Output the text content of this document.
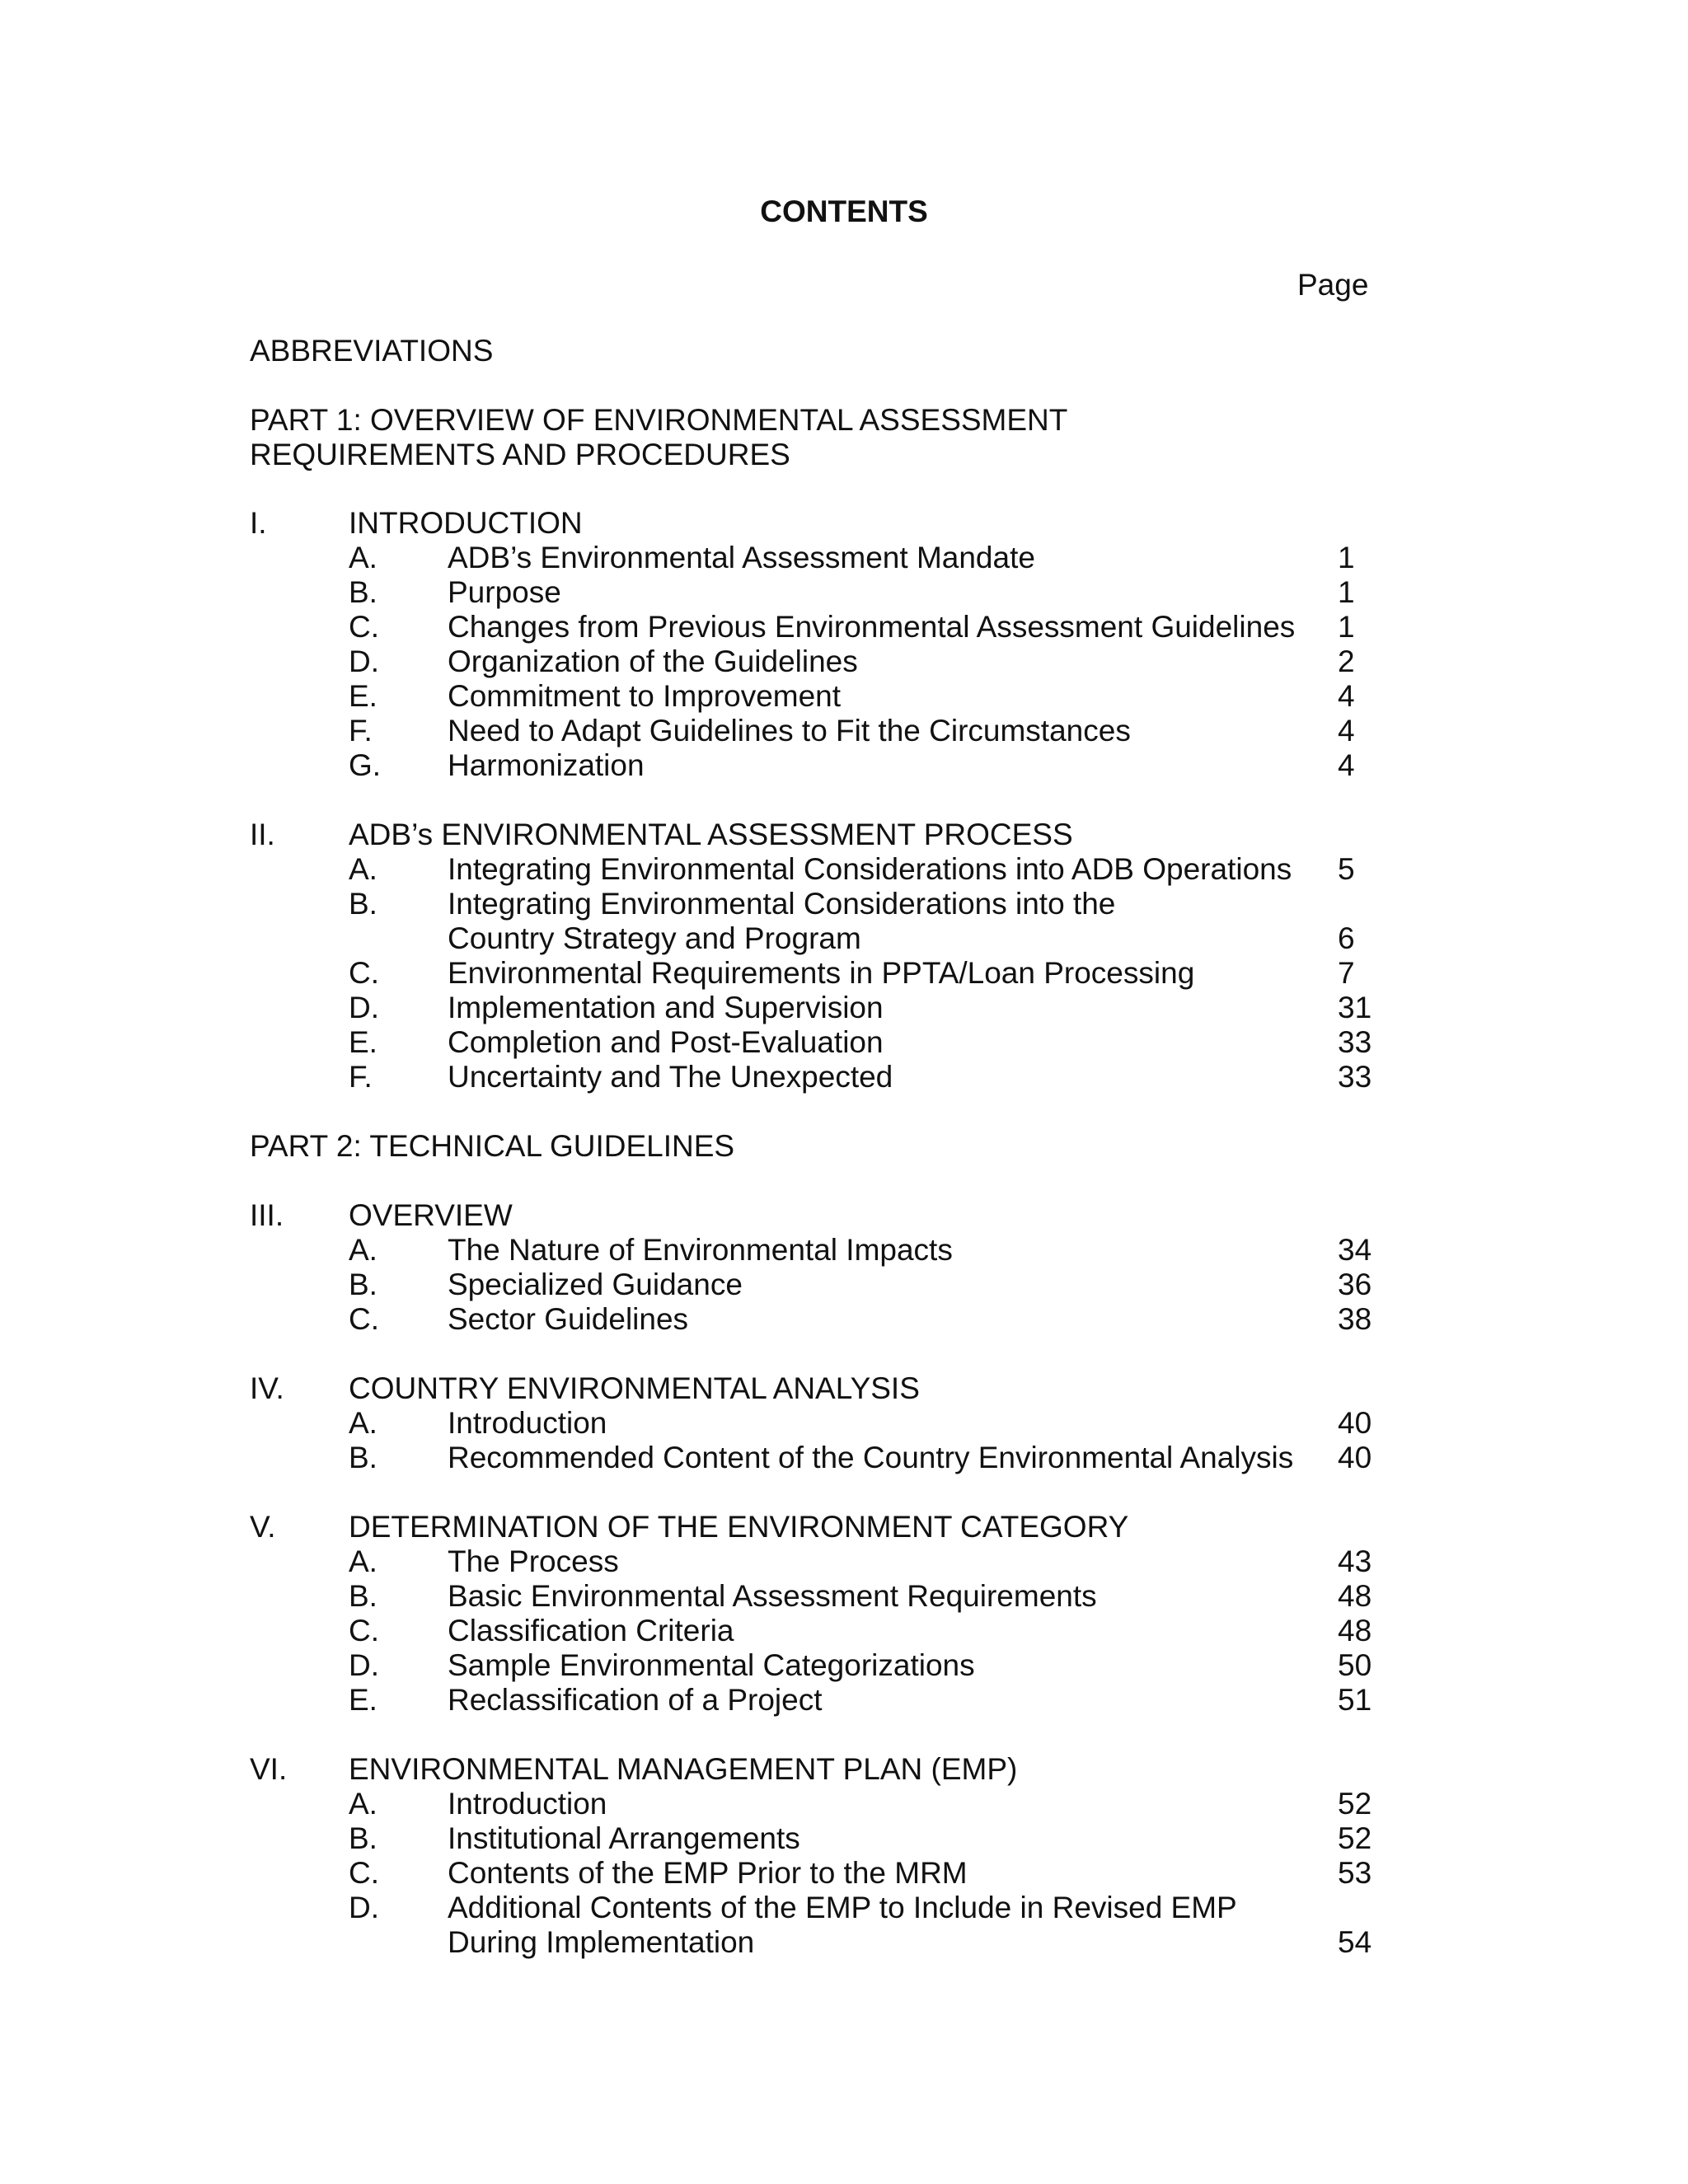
CONTENTS
Page
ABBREVIATIONS
PART 1: OVERVIEW OF ENVIRONMENTAL ASSESSMENT
REQUIREMENTS AND PROCEDURES
I.	INTRODUCTION
A. ADB’s Environmental Assessment Mandate	1
B. Purpose	1
C. Changes from Previous Environmental Assessment Guidelines 1
D. Organization of the Guidelines	2
E. Commitment to Improvement	4
F. Need to Adapt Guidelines to Fit the Circumstances	4
G. Harmonization	4
II. ADB’s ENVIRONMENTAL ASSESSMENT PROCESS
A. Integrating Environmental Considerations into ADB Operations 5
B. Integrating Environmental Considerations into the
Country Strategy and Program	6
C. Environmental Requirements in PPTA/Loan Processing	7
D. Implementation and Supervision	31
E. Completion and Post-Evaluation	33
F. Uncertainty and The Unexpected	33
PART 2: TECHNICAL GUIDELINES
III. OVERVIEW
A. The Nature of Environmental Impacts	34
B. Specialized Guidance	36
C. Sector Guidelines	38
IV. COUNTRY ENVIRONMENTAL ANALYSIS
A. Introduction	40
B. Recommended Content of the Country Environmental Analysis 40
V. DETERMINATION OF THE ENVIRONMENT CATEGORY
A. The Process	43
B. Basic Environmental Assessment Requirements	48
C. Classification Criteria	48
D. Sample Environmental Categorizations	50
E. Reclassification of a Project	51
VI. ENVIRONMENTAL MANAGEMENT PLAN (EMP)
A. Introduction	52
B. Institutional Arrangements	52
C. Contents of the EMP Prior to the MRM	53
D. Additional Contents of the EMP to Include in Revised EMP
During Implementation	54
